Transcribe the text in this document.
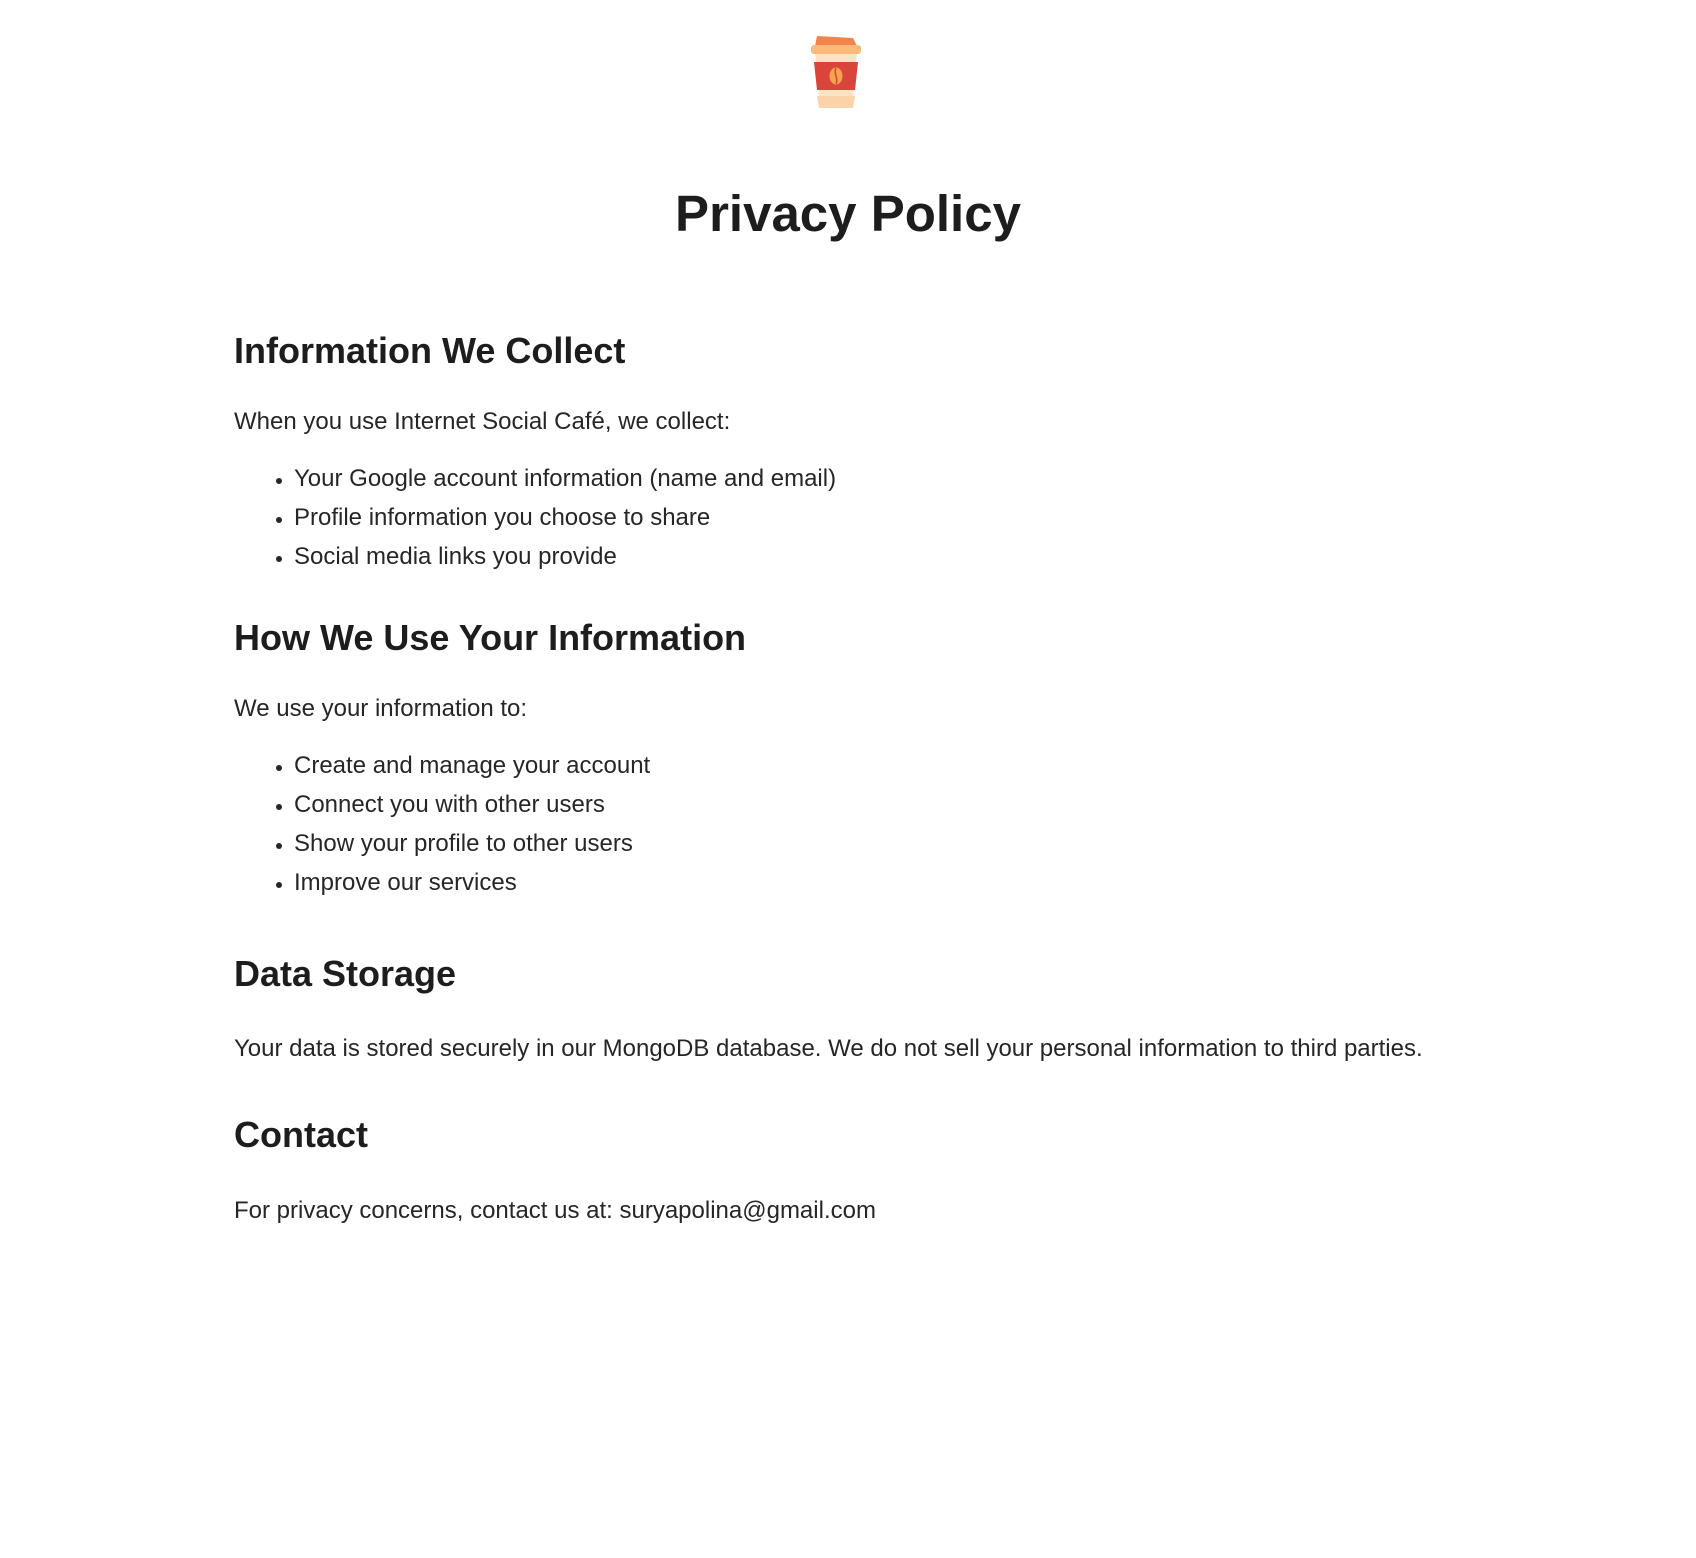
Privacy Policy
Information We Collect

When you use Internet Social Café, we collect:

• Your Google account information (name and email)
• Profile information you choose to share
• Social media links you provide
How We Use Your Information

We use your information to:

• Create and manage your account
• Connect you with other users
• Show your profile to other users
• Improve our services
Data Storage

Your data is stored securely in our MongoDB database. We do not sell your personal information to third parties.

Contact

For privacy concerns, contact us at: suryapolina@gmail.com
